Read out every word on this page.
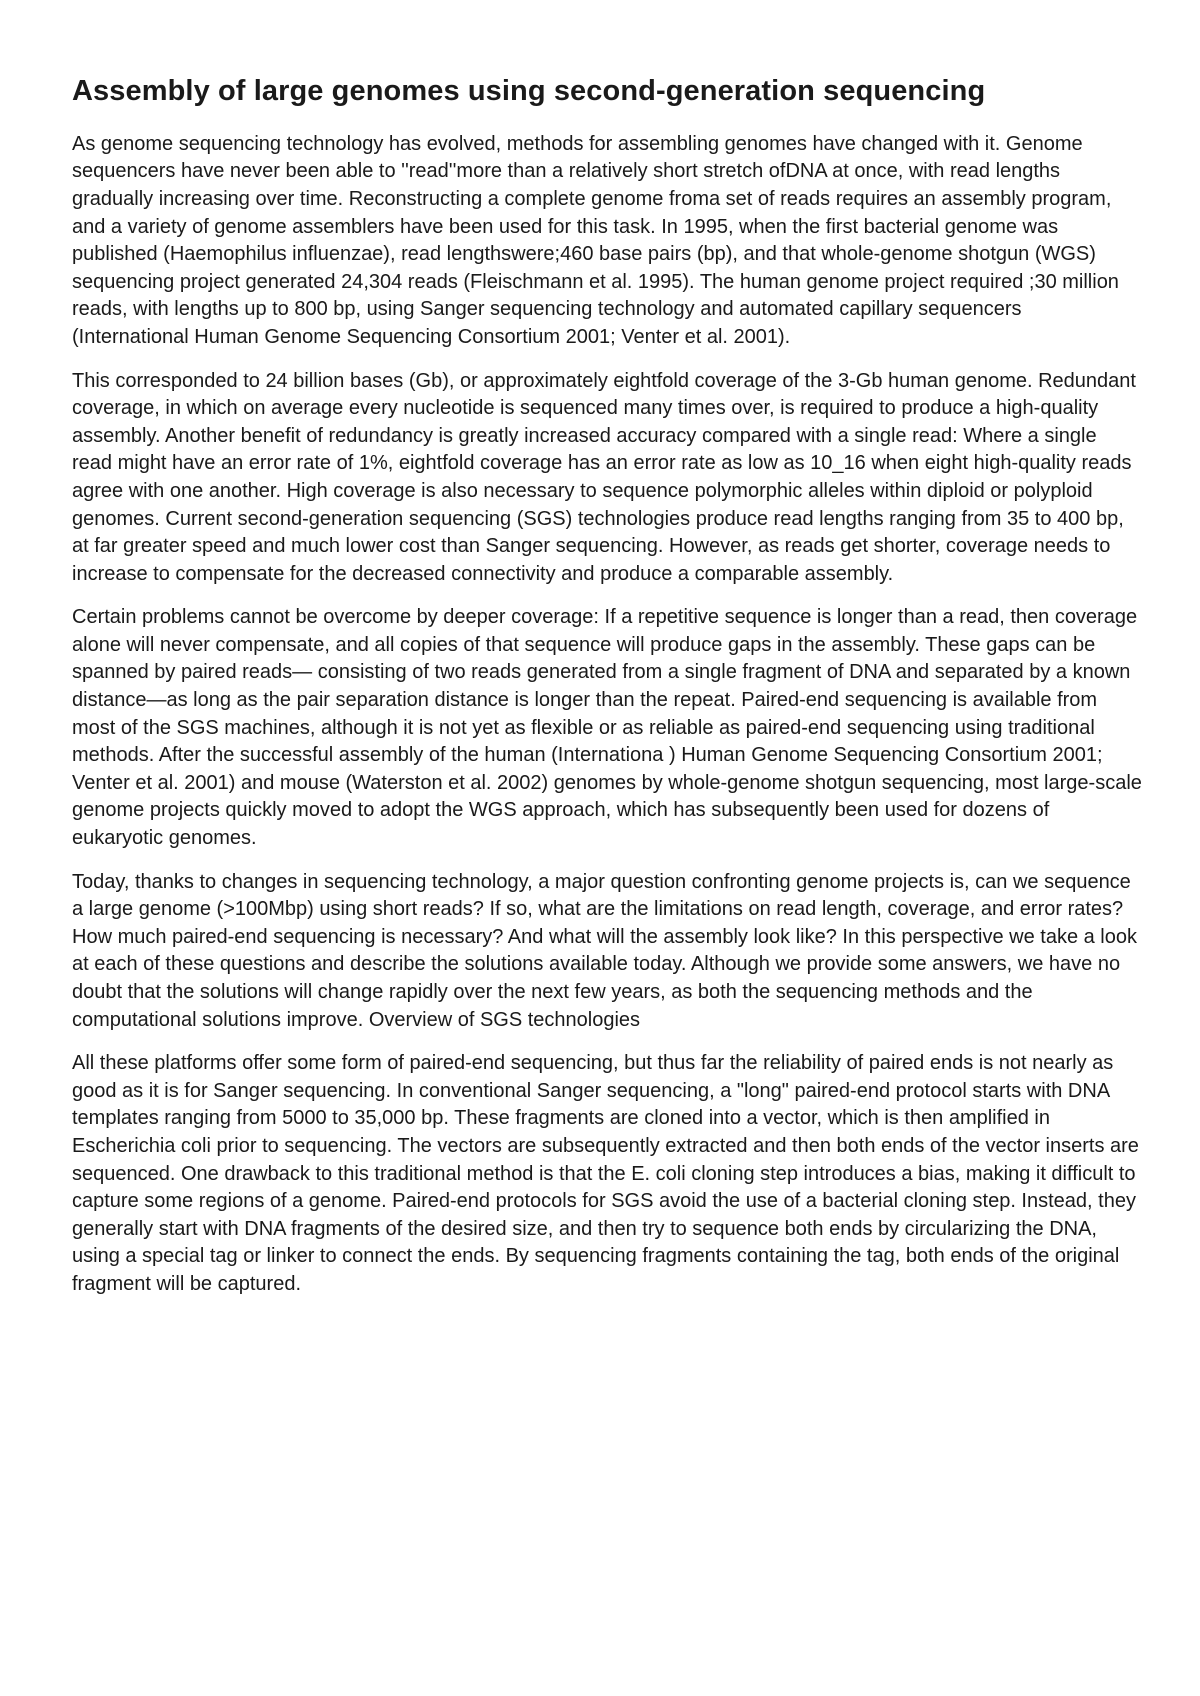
Assembly of large genomes using second-generation sequencing

As genome sequencing technology has evolved, methods for assembling genomes have changed with it. Genome sequencers have never been able to ''read''more than a relatively short stretch ofDNA at once, with read lengths gradually increasing over time. Reconstructing a complete genome froma set of reads requires an assembly program, and a variety of genome assemblers have been used for this task. In 1995, when the first bacterial genome was published (Haemophilus influenzae), read lengthswere;460 base pairs (bp), and that whole-genome shotgun (WGS) sequencing project generated 24,304 reads (Fleischmann et al. 1995). The human genome project required ;30 million reads, with lengths up to 800 bp, using Sanger sequencing technology and automated capillary sequencers (International Human Genome Sequencing Consortium 2001; Venter et al. 2001).

This corresponded to 24 billion bases (Gb), or approximately eightfold coverage of the 3-Gb human genome. Redundant coverage, in which on average every nucleotide is sequenced many times over, is required to produce a high-quality assembly. Another benefit of redundancy is greatly increased accuracy compared with a single read: Where a single read might have an error rate of 1%, eightfold coverage has an error rate as low as 10_16 when eight high-quality reads agree with one another. High coverage is also necessary to sequence polymorphic alleles within diploid or polyploid genomes. Current second-generation sequencing (SGS) technologies produce read lengths ranging from 35 to 400 bp, at far greater speed and much lower cost than Sanger sequencing. However, as reads get shorter, coverage needs to increase to compensate for the decreased connectivity and produce a comparable assembly.

Certain problems cannot be overcome by deeper coverage: If a repetitive sequence is longer than a read, then coverage alone will never compensate, and all copies of that sequence will produce gaps in the assembly. These gaps can be spanned by paired reads— consisting of two reads generated from a single fragment of DNA and separated by a known distance—as long as the pair separation distance is longer than the repeat. Paired-end sequencing is available from most of the SGS machines, although it is not yet as flexible or as reliable as paired-end sequencing using traditional methods. After the successful assembly of the human (Internationa ) Human Genome Sequencing Consortium 2001; Venter et al. 2001) and mouse (Waterston et al. 2002) genomes by whole-genome shotgun sequencing, most large-scale genome projects quickly moved to adopt the WGS approach, which has subsequently been used for dozens of eukaryotic genomes.

Today, thanks to changes in sequencing technology, a major question confronting genome projects is, can we sequence a large genome (>100Mbp) using short reads? If so, what are the limitations on read length, coverage, and error rates? How much paired-end sequencing is necessary? And what will the assembly look like? In this perspective we take a look at each of these questions and describe the solutions available today. Although we provide some answers, we have no doubt that the solutions will change rapidly over the next few years, as both the sequencing methods and the computational solutions improve. Overview of SGS technologies

All these platforms offer some form of paired-end sequencing, but thus far the reliability of paired ends is not nearly as good as it is for Sanger sequencing. In conventional Sanger sequencing, a "long" paired-end protocol starts with DNA templates ranging from 5000 to 35,000 bp. These fragments are cloned into a vector, which is then amplified in Escherichia coli prior to sequencing. The vectors are subsequently extracted and then both ends of the vector inserts are sequenced. One drawback to this traditional method is that the E. coli cloning step introduces a bias, making it difficult to capture some regions of a genome. Paired-end protocols for SGS avoid the use of a bacterial cloning step. Instead, they generally start with DNA fragments of the desired size, and then try to sequence both ends by circularizing the DNA, using a special tag or linker to connect the ends. By sequencing fragments containing the tag, both ends of the original fragment will be captured.
